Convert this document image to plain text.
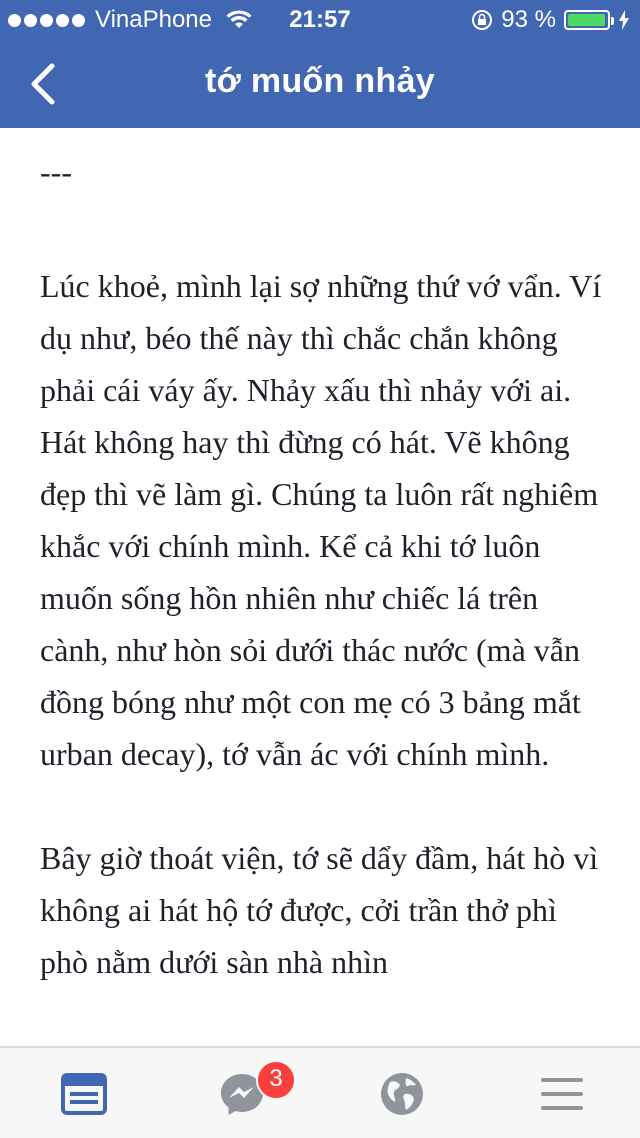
VinaPhone	21:57	93 %
tớ muốn nhảy

---

Lúc khoẻ, mình lại sợ những thứ vớ vẩn. Ví dụ như, béo thế này thì chắc chắn không phải cái váy ấy. Nhảy xấu thì nhảy với ai. Hát không hay thì đừng có hát. Vẽ không đẹp thì vẽ làm gì. Chúng ta luôn rất nghiêm khắc với chính mình. Kể cả khi tớ luôn muốn sống hồn nhiên như chiếc lá trên cành, như hòn sỏi dưới thác nước (mà vẫn đồng bóng như một con mẹ có 3 bảng mắt urban decay), tớ vẫn ác với chính mình.

Bây giờ thoát viện, tớ sẽ dẩy đầm, hát hò vì không ai hát hộ tớ được, cởi trần thở phì phò nằm dưới sàn nhà nhìn

3
